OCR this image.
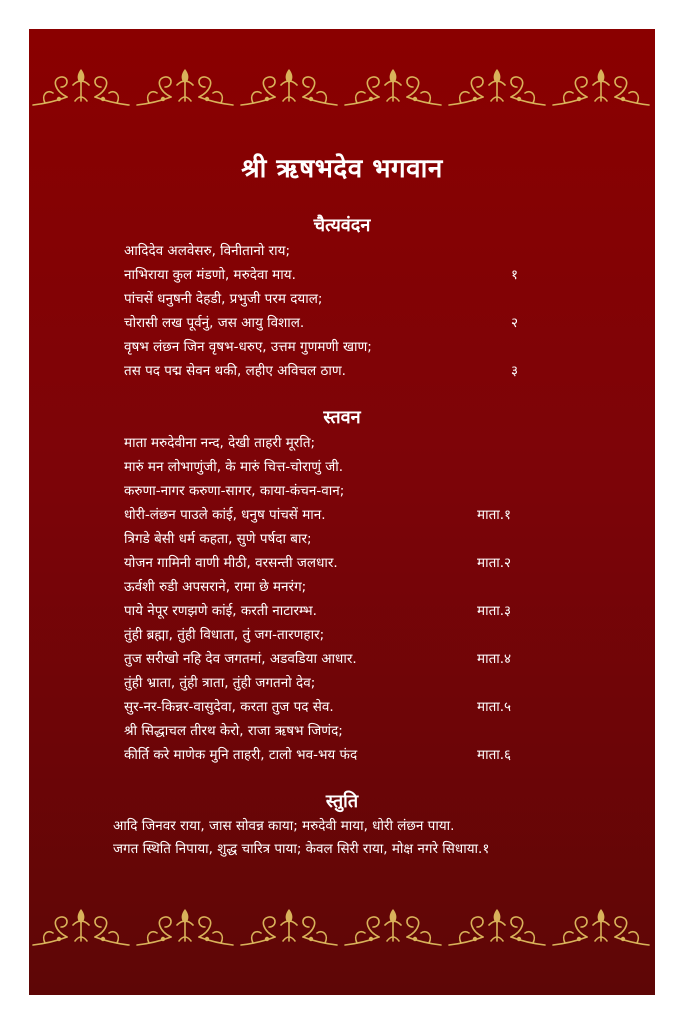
श्री ऋषभदेव भगवान
चैत्यवंदन
आदिदेव अलवेसरु, विनीतानो राय;
नाभिराया कुल मंडणो, मरुदेवा माय.	१
पांचसें धनुषनी देहडी, प्रभुजी परम दयाल;
चोरासी लख पूर्वनुं, जस आयु विशाल.	२
वृषभ लंछन जिन वृषभ-धरुए, उत्तम गुणमणी खाण;
तस पद पद्म सेवन थकी, लहीए अविचल ठाण.	३
स्तवन
माता मरुदेवीना नन्द, देखी ताहरी मूरति;
मारुं मन लोभाणुंजी, के मारुं चित्त-चोराणुं जी.
करुणा-नागर करुणा-सागर, काया-कंचन-वान;
धोरी-लंछन पाउले कांई, धनुष पांचसें मान.	माता.१
त्रिगडे बेसी धर्म कहता, सुणे पर्षदा बार;
योजन गामिनी वाणी मीठी, वरसन्ती जलधार.	माता.२
ऊर्वशी रुडी अपसराने, रामा छे मनरंग;
पाये नेपूर रणझणे कांई, करती नाटारम्भ.	माता.३
तुंही ब्रह्मा, तुंही विधाता, तुं जग-तारणहार;
तुज सरीखो नहि देव जगतमां, अडवडिया आधार.	माता.४
तुंही भ्राता, तुंही त्राता, तुंही जगतनो देव;
सुर-नर-किन्नर-वासुदेवा, करता तुज पद सेव.	माता.५
श्री सिद्धाचल तीरथ केरो, राजा ऋषभ जिणंद;
कीर्ति करे माणेक मुनि ताहरी, टालो भव-भय फंद	माता.६
स्तुति
आदि जिनवर राया, जास सोवन्न काया; मरुदेवी माया, धोरी लंछन पाया.
जगत स्थिति निपाया, शुद्ध चारित्र पाया; केवल सिरी राया, मोक्ष नगरे सिधाया.१
